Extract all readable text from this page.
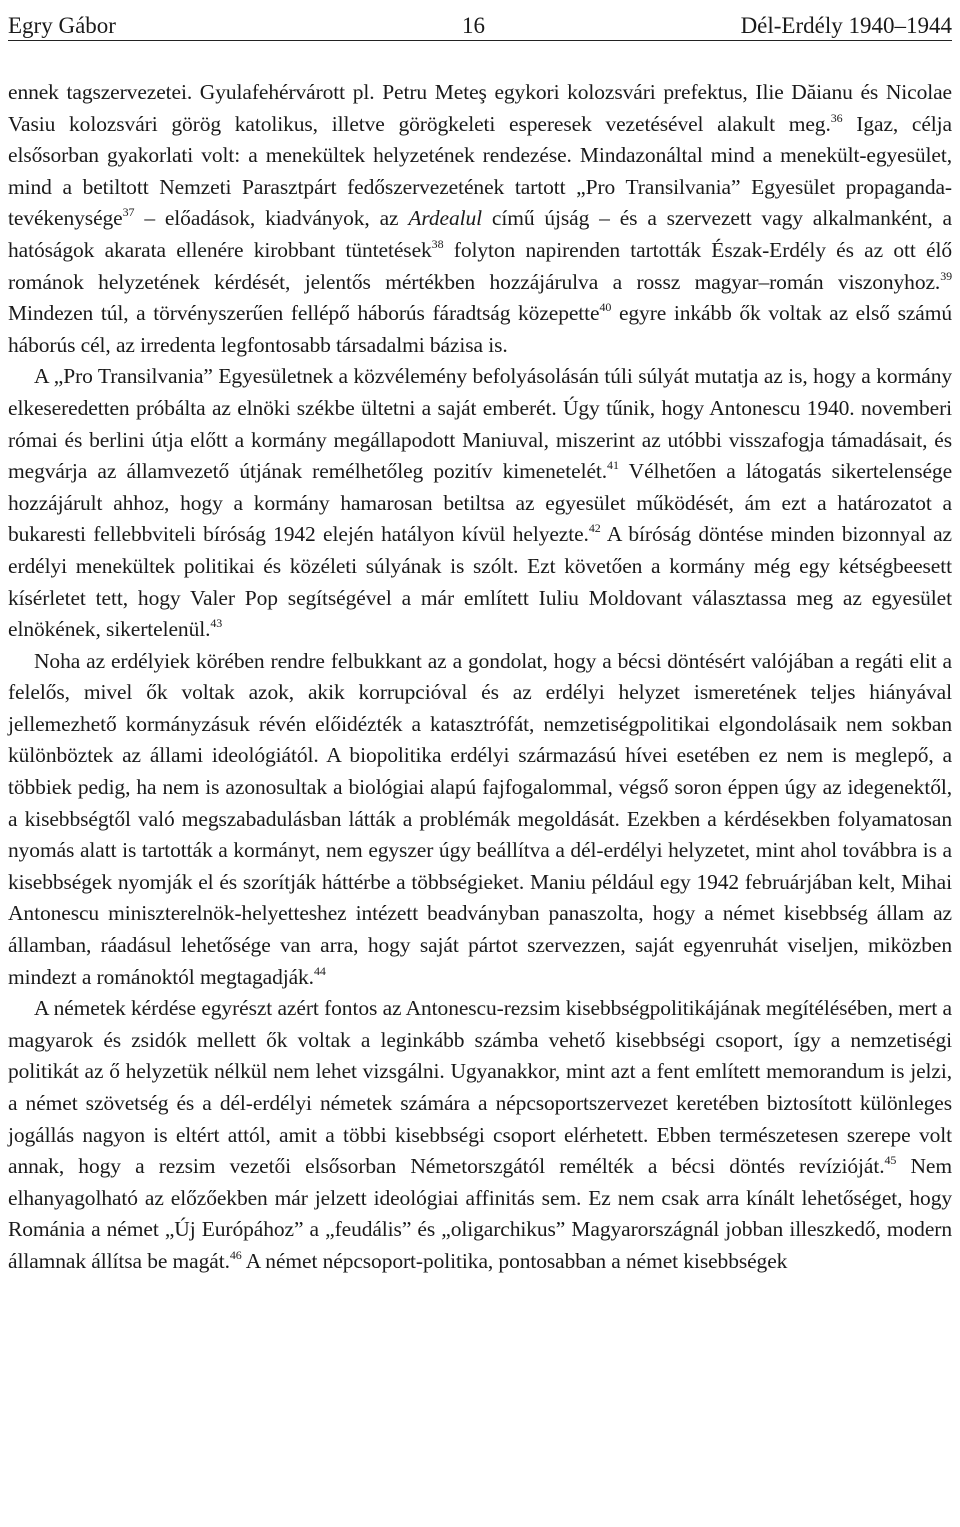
Egry Gábor	16	Dél-Erdély 1940–1944

ennek tagszervezetei. Gyulafehérvárott pl. Petru Meteş egykori kolozsvári prefektus, Ilie Dăianu és Nicolae Vasiu kolozsvári görög katolikus, illetve görögkeleti esperesek vezetésével alakult meg.$^{36}$ Igaz, célja elsősorban gyakorlati volt: a menekültek helyzetének rendezése. Mindazonáltal mind a menekült-egyesület, mind a betiltott Nemzeti Parasztpárt fedőszervezetének tartott „Pro Transilvania” Egyesület propaganda-tevékenysége$^{37}$ – előadások, kiadványok, az Ardealul című újság – és a szervezett vagy alkalmanként, a hatóságok akarata ellenére kirobbant tüntetések$^{38}$ folyton napirenden tartották Észak-Erdély és az ott élő románok helyzetének kérdését, jelentős mértékben hozzájárulva a rossz magyar–román viszonyhoz.$^{39}$ Mindezen túl, a törvényszerűen fellépő háborús fáradtság közepette$^{40}$ egyre inkább ők voltak az első számú háborús cél, az irredenta legfontosabb társadalmi bázisa is.

A „Pro Transilvania” Egyesületnek a közvélemény befolyásolásán túli súlyát mutatja az is, hogy a kormány elkeseredetten próbálta az elnöki székbe ültetni a saját emberét. Úgy tűnik, hogy Antonescu 1940. novemberi római és berlini útja előtt a kormány megállapodott Maniuval, miszerint az utóbbi visszafogja támadásait, és megvárja az államvezető útjának remélhetőleg pozitív kimenetelét.$^{41}$ Vélhetően a látogatás sikertelensége hozzájárult ahhoz, hogy a kormány hamarosan betiltsa az egyesület működését, ám ezt a határozatot a bukaresti fellebbviteli bíróság 1942 elején hatályon kívül helyezte.$^{42}$ A bíróság döntése minden bizonnyal az erdélyi menekültek politikai és közéleti súlyának is szólt. Ezt követően a kormány még egy kétségbeesett kísérletet tett, hogy Valer Pop segítségével a már említett Iuliu Moldovant választassa meg az egyesület elnökének, sikertelenül.$^{43}$

Noha az erdélyiek körében rendre felbukkant az a gondolat, hogy a bécsi döntésért valójában a regáti elit a felelős, mivel ők voltak azok, akik korrupcióval és az erdélyi helyzet ismeretének teljes hiányával jellemezhető kormányzásuk révén előidézték a katasztrófát, nemzetiségpolitikai elgondolásaik nem sokban különböztek az állami ideológiától. A biopolitika erdélyi származású hívei esetében ez nem is meglepő, a többiek pedig, ha nem is azonosultak a biológiai alapú fajfogalommal, végső soron éppen úgy az idegenektől, a kisebbségtől való megszabadulásban látták a problémák megoldását. Ezekben a kérdésekben folyamatosan nyomás alatt is tartották a kormányt, nem egyszer úgy beállítva a dél-erdélyi helyzetet, mint ahol továbbra is a kisebbségek nyomják el és szorítják háttérbe a többségieket. Maniu például egy 1942 februárjában kelt, Mihai Antonescu miniszterelnök-helyetteshez intézett beadványban panaszolta, hogy a német kisebbség állam az államban, ráadásul lehetősége van arra, hogy saját pártot szervezzen, saját egyenruhát viseljen, miközben mindezt a románoktól megtagadják.$^{44}$

A németek kérdése egyrészt azért fontos az Antonescu-rezsim kisebbségpolitikájának megítélésében, mert a magyarok és zsidók mellett ők voltak a leginkább számba vehető kisebbségi csoport, így a nemzetiségi politikát az ő helyzetük nélkül nem lehet vizsgálni. Ugyanakkor, mint azt a fent említett memorandum is jelzi, a német szövetség és a dél-erdélyi németek számára a népcsoportszervezet keretében biztosított különleges jogállás nagyon is eltért attól, amit a többi kisebbségi csoport elérhetett. Ebben természetesen szerepe volt annak, hogy a rezsim vezetői elsősorban Németorszgától remélték a bécsi döntés revízióját.$^{45}$ Nem elhanyagolható az előzőekben már jelzett ideológiai affinitás sem. Ez nem csak arra kínált lehetőséget, hogy Románia a német „Új Európához” a „feudális” és „oligarchikus” Magyarországnál jobban illeszkedő, modern államnak állítsa be magát.$^{46}$ A német népcsoport-politika, pontosabban a német kisebbségek
